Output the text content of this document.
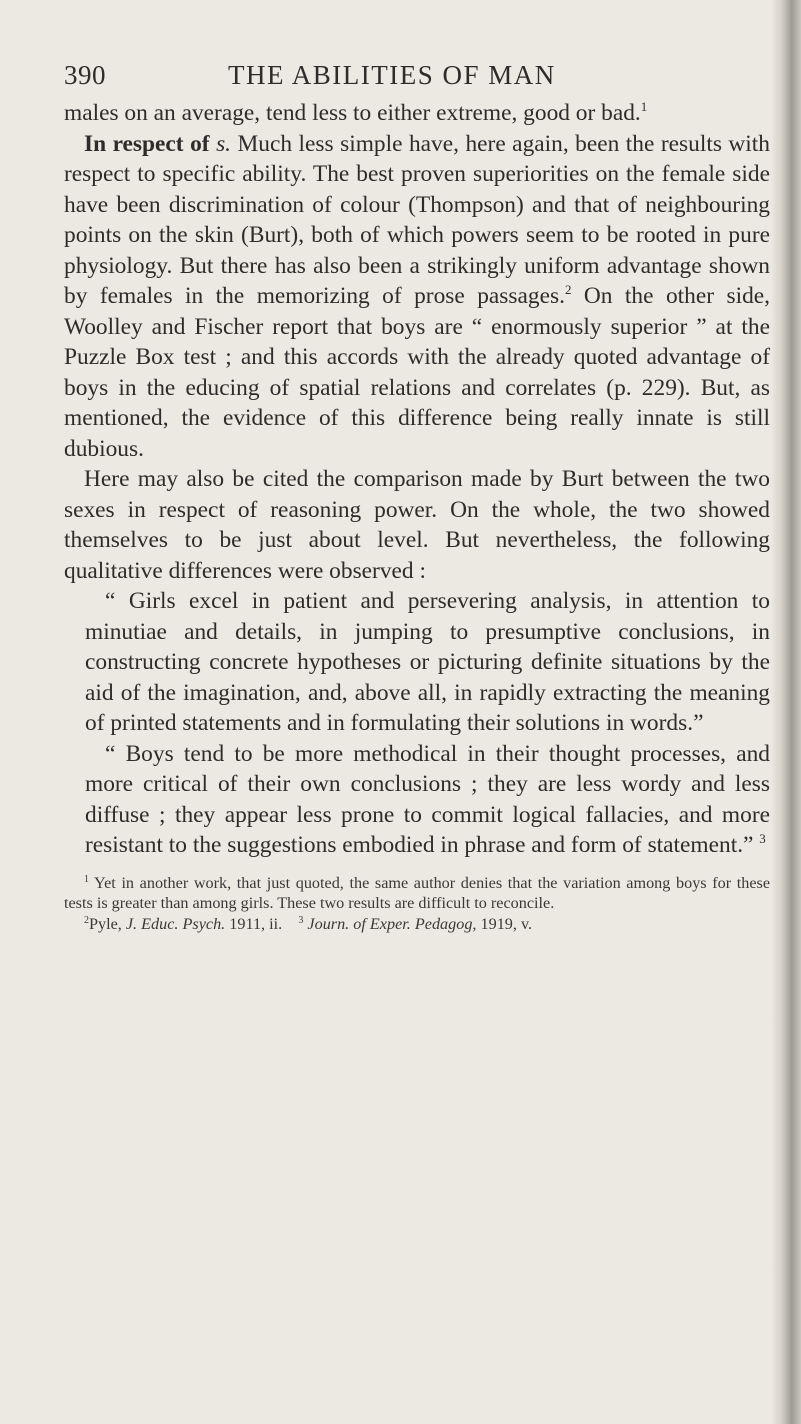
390	THE ABILITIES OF MAN

males on an average, tend less to either extreme, good or bad.$^1$

In respect of s. Much less simple have, here again, been the results with respect to specific ability. The best proven superiorities on the female side have been discrimination of colour (Thompson) and that of neighbouring points on the skin (Burt), both of which powers seem to be rooted in pure physiology. But there has also been a strikingly uniform advantage shown by females in the memorizing of prose passages.$^2$ On the other side, Woolley and Fischer report that boys are “ enormously superior ” at the Puzzle Box test ; and this accords with the already quoted advantage of boys in the educing of spatial relations and correlates (p. 229). But, as mentioned, the evidence of this difference being really innate is still dubious.

Here may also be cited the comparison made by Burt between the two sexes in respect of reasoning power. On the whole, the two showed themselves to be just about level. But nevertheless, the following qualitative differences were observed :

“ Girls excel in patient and persevering analysis, in attention to minutiae and details, in jumping to presumptive conclusions, in constructing concrete hypotheses or picturing definite situations by the aid of the imagination, and, above all, in rapidly extracting the meaning of printed statements and in formulating their solutions in words.”

“ Boys tend to be more methodical in their thought processes, and more critical of their own conclusions ; they are less wordy and less diffuse ; they appear less prone to commit logical fallacies, and more resistant to the suggestions embodied in phrase and form of statement.” $^3$

$^1$ Yet in another work, that just quoted, the same author denies that the variation among boys for these tests is greater than among girls. These two results are difficult to reconcile.

$^2$Pyle, J. Educ. Psych. 1911, ii. $^3$ Journ. of Exper. Pedagog, 1919, v.
